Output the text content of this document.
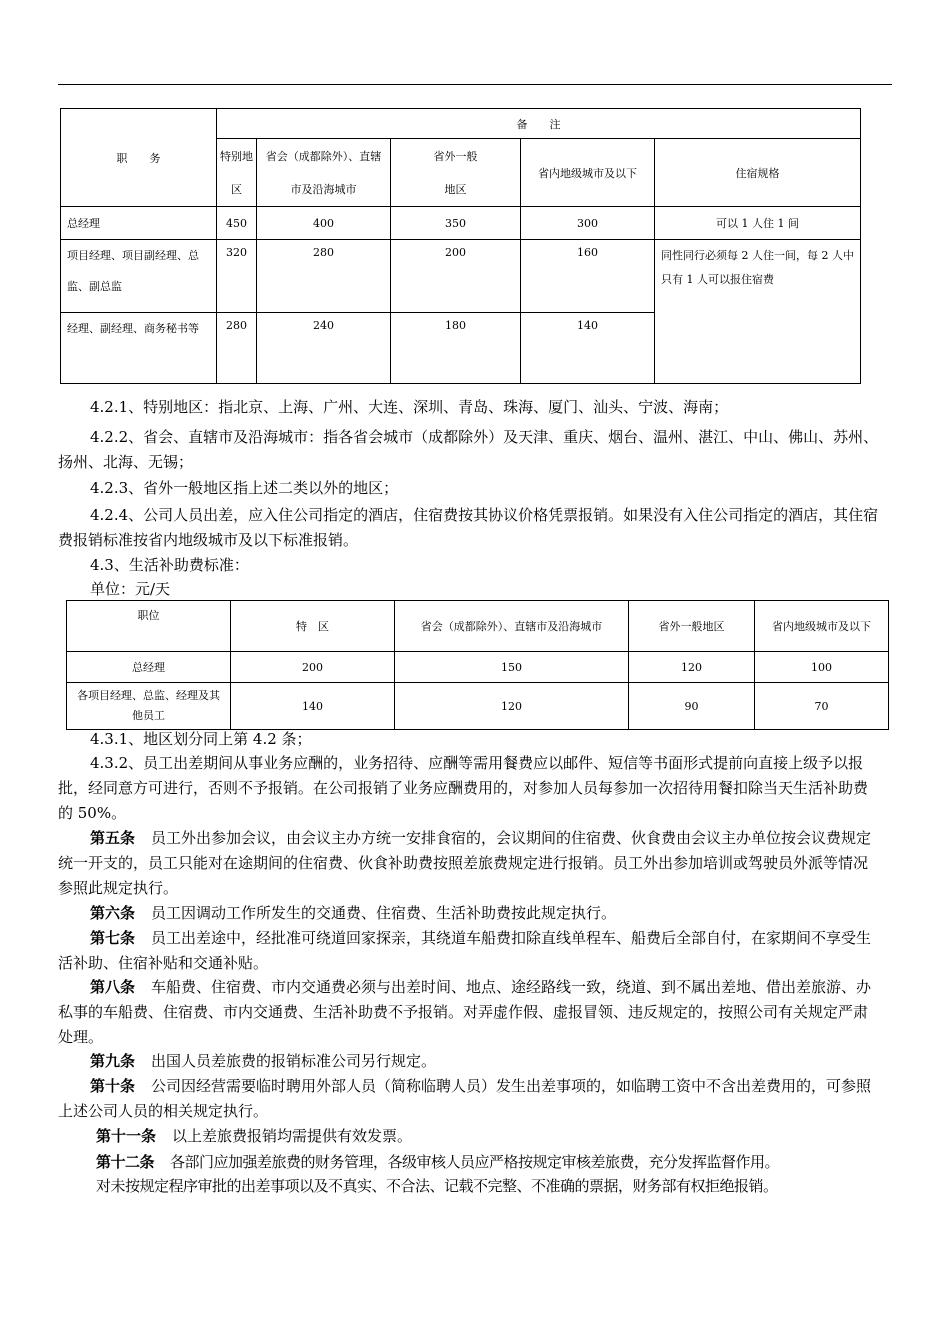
职　　务	备　　注				
	特别地区	省会（成都除外）、直辖市及沿海城市	省外一般地区	省内地级城市及以下	住宿规格
总经理	450	400	350	300	可以 1 人住 1 间
项目经理、项目副经理、总监、副总监	320	280	200	160	同性同行必须每 2 人住一间，每 2 人中只有 1 人可以报住宿费
经理、副经理、商务秘书等	280	240	180	140	
4.2.1、特别地区：指北京、上海、广州、大连、深圳、青岛、珠海、厦门、汕头、宁波、海南；
4.2.2、省会、直辖市及沿海城市：指各省会城市（成都除外）及天津、重庆、烟台、温州、湛江、中山、佛山、苏州、扬州、北海、无锡；
4.2.3、省外一般地区指上述二类以外的地区；
4.2.4、公司人员出差，应入住公司指定的酒店，住宿费按其协议价格凭票报销。如果没有入住公司指定的酒店，其住宿费报销标准按省内地级城市及以下标准报销。
4.3、生活补助费标准：
单位：元/天
职位	特　区	省会（成都除外）、直辖市及沿海城市	省外一般地区	省内地级城市及以下
总经理	200	150	120	100
各项目经理、总监、经理及其他员工	140	120	90	70
4.3.1、地区划分同上第 4.2 条；
4.3.2、员工出差期间从事业务应酬的，业务招待、应酬等需用餐费应以邮件、短信等书面形式提前向直接上级予以报批，经同意方可进行，否则不予报销。在公司报销了业务应酬费用的，对参加人员每参加一次招待用餐扣除当天生活补助费的 50%。
第五条 员工外出参加会议，由会议主办方统一安排食宿的，会议期间的住宿费、伙食费由会议主办单位按会议费规定统一开支的，员工只能对在途期间的住宿费、伙食补助费按照差旅费规定进行报销。员工外出参加培训或驾驶员外派等情况参照此规定执行。
第六条 员工因调动工作所发生的交通费、住宿费、生活补助费按此规定执行。
第七条 员工出差途中，经批准可绕道回家探亲，其绕道车船费扣除直线单程车、船费后全部自付，在家期间不享受生活补助、住宿补贴和交通补贴。
第八条 车船费、住宿费、市内交通费必须与出差时间、地点、途经路线一致，绕道、到不属出差地、借出差旅游、办私事的车船费、住宿费、市内交通费、生活补助费不予报销。对弄虚作假、虚报冒领、违反规定的，按照公司有关规定严肃处理。
第九条 出国人员差旅费的报销标准公司另行规定。
第十条 公司因经营需要临时聘用外部人员（简称临聘人员）发生出差事项的，如临聘工资中不含出差费用的，可参照上述公司人员的相关规定执行。
第十一条 以上差旅费报销均需提供有效发票。
第十二条 各部门应加强差旅费的财务管理，各级审核人员应严格按规定审核差旅费，充分发挥监督作用。
对未按规定程序审批的出差事项以及不真实、不合法、记载不完整、不准确的票据，财务部有权拒绝报销。
